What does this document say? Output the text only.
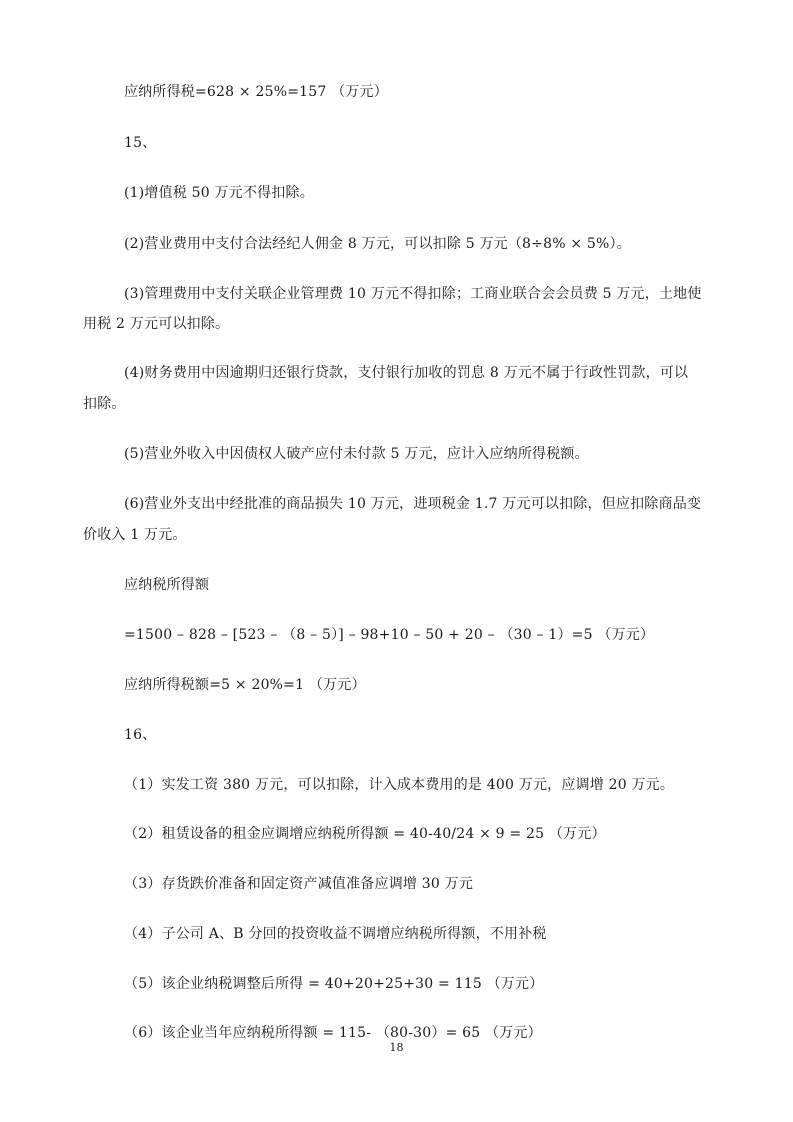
应纳所得税=628 × 25%=157 （万元）
15、
(1)增值税 50 万元不得扣除。
(2)营业费用中支付合法经纪人佣金 8 万元，可以扣除 5 万元（8÷8% × 5%）。
(3)管理费用中支付关联企业管理费 10 万元不得扣除；工商业联合会会员费 5 万元，土地使
用税 2 万元可以扣除。
(4)财务费用中因逾期归还银行贷款，支付银行加收的罚息 8 万元不属于行政性罚款，可以
扣除。
(5)营业外收入中因债权人破产应付未付款 5 万元，应计入应纳所得税额。
(6)营业外支出中经批准的商品损失 10 万元，进项税金 1.7 万元可以扣除，但应扣除商品变
价收入 1 万元。
应纳税所得额
=1500 – 828 – [523 – （8 – 5）] – 98+10 – 50 + 20 – （30 – 1）=5 （万元）
应纳所得税额=5 × 20%=1 （万元）
16、
（1）实发工资 380 万元，可以扣除，计入成本费用的是 400 万元，应调增 20 万元。
（2）租赁设备的租金应调增应纳税所得额 = 40-40/24 × 9 = 25 （万元）
（3）存货跌价准备和固定资产减值准备应调增 30 万元
（4）子公司 A、B 分回的投资收益不调增应纳税所得额，不用补税
（5）该企业纳税调整后所得 = 40+20+25+30 = 115 （万元）
（6）该企业当年应纳税所得额 = 115- （80-30）= 65 （万元）
18
